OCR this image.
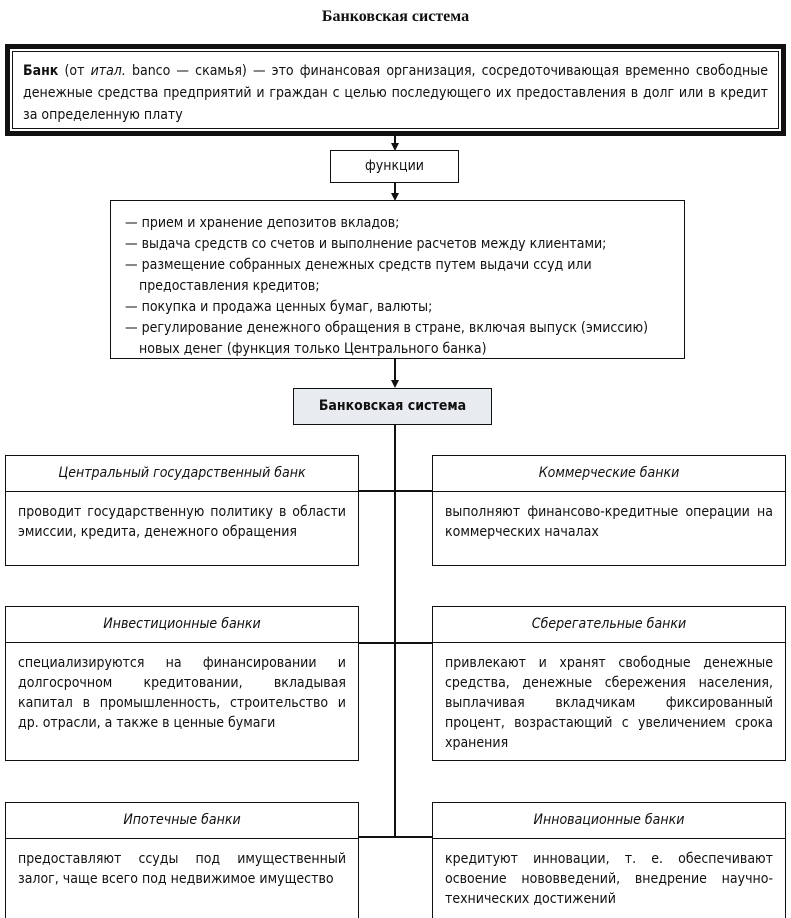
Банковская система
Банк (от итал. banco — скамья) — это финансовая организация, сосредоточивающая временно свободные денежные средства предприятий и граждан с целью последующего их предоставления в долг или в кредит за определенную плату
функции
— прием и хранение депозитов вкладов;
— выдача средств со счетов и выполнение расчетов между клиентами;
— размещение собранных денежных средств путем выдачи ссуд или предоставления кредитов;
— покупка и продажа ценных бумаг, валюты;
— регулирование денежного обращения в стране, включая выпуск (эмиссию) новых денег (функция только Центрального банка)
Банковская система
Центральный государственный банк
проводит государственную политику в области эмиссии, кредита, денежного обращения
Коммерческие банки
выполняют финансово-кредитные операции на коммерческих началах
Инвестиционные банки
специализируются на финансировании и долгосрочном кредитовании, вкладывая капитал в промышленность, строительство и др. отрасли, а также в ценные бумаги
Сберегательные банки
привлекают и хранят свободные денежные средства, денежные сбережения населения, выплачивая вкладчикам фиксированный процент, возрастающий с увеличением срока хранения
Ипотечные банки
предоставляют ссуды под имущественный залог, чаще всего под недвижимое имущество
Инновационные банки
кредитуют инновации, т. е. обеспечивают освоение нововведений, внедрение научно-технических достижений
